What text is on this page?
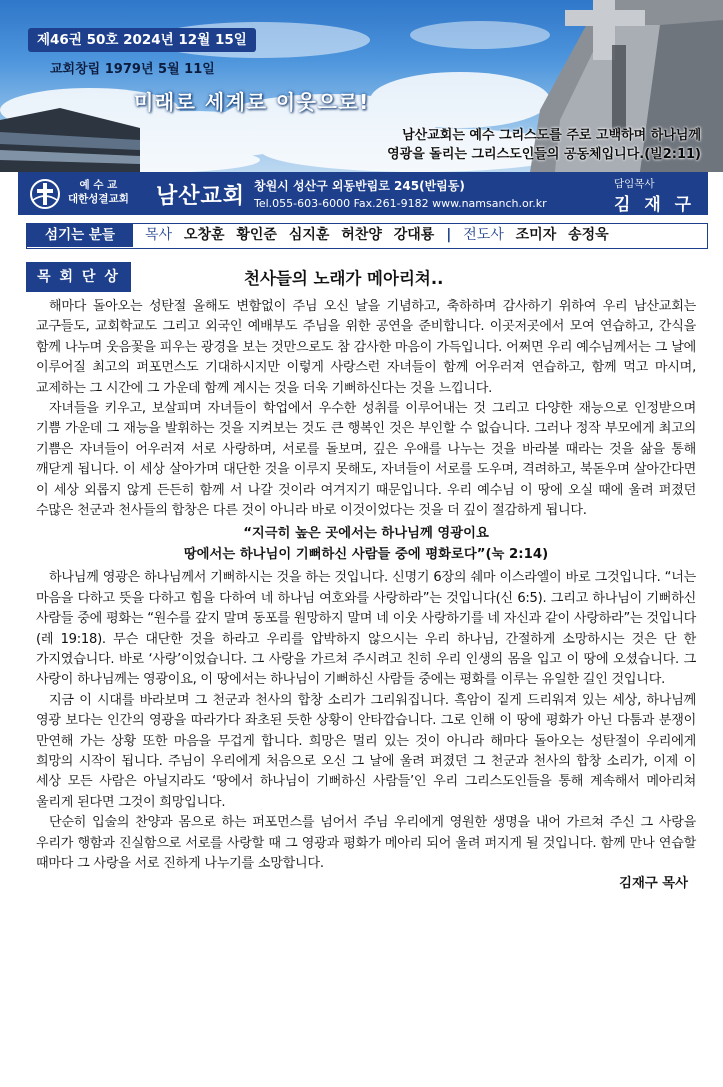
제46권 50호 2024년 12월 15일
교회창립 1979년 5월 11일
미래로 세계로 이웃으로!
남산교회는 예수 그리스도를 주로 고백하며 하나님께
영광을 돌리는 그리스도인들의 공동체입니다.(빌2:11)
예 수 교
대한성결교회 남산교회 창원시 성산구 외동반림로 245(반림동)
Tel.055-603-6000 Fax.261-9182 www.namsanch.or.kr
담임목사
김 재 구
섬기는 분들	목사 오창훈 황인준 심지훈 허찬양 강대룡 | 전도사 조미자 송정욱
목 회 단 상	천사들의 노래가 메아리쳐..

해마다 돌아오는 성탄절 올해도 변함없이 주님 오신 날을 기념하고, 축하하며 감사하기 위하여 우리 남산교회는 교구들도, 교회학교도 그리고 외국인 예배부도 주님을 위한 공연을 준비합니다. 이곳저곳에서 모여 연습하고, 간식을 함께 나누며 웃음꽃을 피우는 광경을 보는 것만으로도 참 감사한 마음이 가득입니다. 어쩌면 우리 예수님께서는 그 날에 이루어질 최고의 퍼포먼스도 기대하시지만 이렇게 사랑스런 자녀들이 함께 어우러져 연습하고, 함께 먹고 마시며, 교제하는 그 시간에 그 가운데 함께 계시는 것을 더욱 기뻐하신다는 것을 느낍니다.

자녀들을 키우고, 보살피며 자녀들이 학업에서 우수한 성취를 이루어내는 것 그리고 다양한 재능으로 인정받으며 기쁨 가운데 그 재능을 발휘하는 것을 지켜보는 것도 큰 행복인 것은 부인할 수 없습니다. 그러나 정작 부모에게 최고의 기쁨은 자녀들이 어우러져 서로 사랑하며, 서로를 돌보며, 깊은 우애를 나누는 것을 바라볼 때라는 것을 삶을 통해 깨닫게 됩니다. 이 세상 살아가며 대단한 것을 이루지 못해도, 자녀들이 서로를 도우며, 격려하고, 북돋우며 살아간다면 이 세상 외롭지 않게 든든히 함께 서 나갈 것이라 여겨지기 때문입니다. 우리 예수님 이 땅에 오실 때에 울려 퍼졌던 수많은 천군과 천사들의 합창은 다른 것이 아니라 바로 이것이었다는 것을 더 깊이 절감하게 됩니다.

“지극히 높은 곳에서는 하나님께 영광이요
땅에서는 하나님이 기뻐하신 사람들 중에 평화로다”(눅 2:14)

하나님께 영광은 하나님께서 기뻐하시는 것을 하는 것입니다. 신명기 6장의 쉐마 이스라엘이 바로 그것입니다. “너는 마음을 다하고 뜻을 다하고 힘을 다하여 네 하나님 여호와를 사랑하라”는 것입니다(신 6:5). 그리고 하나님이 기뻐하신 사람들 중에 평화는 “원수를 갚지 말며 동포를 원망하지 말며 네 이웃 사랑하기를 네 자신과 같이 사랑하라”는 것입니다(레 19:18). 무슨 대단한 것을 하라고 우리를 압박하지 않으시는 우리 하나님, 간절하게 소망하시는 것은 단 한 가지였습니다. 바로 ‘사랑’이었습니다. 그 사랑을 가르쳐 주시려고 친히 우리 인생의 몸을 입고 이 땅에 오셨습니다. 그 사랑이 하나님께는 영광이요, 이 땅에서는 하나님이 기뻐하신 사람들 중에는 평화를 이루는 유일한 길인 것입니다.

지금 이 시대를 바라보며 그 천군과 천사의 합창 소리가 그리워집니다. 흑암이 짙게 드리워져 있는 세상, 하나님께 영광 보다는 인간의 영광을 따라가다 좌초된 듯한 상황이 안타깝습니다. 그로 인해 이 땅에 평화가 아닌 다툼과 분쟁이 만연해 가는 상황 또한 마음을 무겁게 합니다. 희망은 멀리 있는 것이 아니라 해마다 돌아오는 성탄절이 우리에게 희망의 시작이 됩니다. 주님이 우리에게 처음으로 오신 그 날에 울려 퍼졌던 그 천군과 천사의 합창 소리가, 이제 이 세상 모든 사람은 아닐지라도 ‘땅에서 하나님이 기뻐하신 사람들’인 우리 그리스도인들을 통해 계속해서 메아리쳐 울리게 된다면 그것이 희망입니다.

단순히 입술의 찬양과 몸으로 하는 퍼포먼스를 넘어서 주님 우리에게 영원한 생명을 내어 가르쳐 주신 그 사랑을 우리가 행함과 진실함으로 서로를 사랑할 때 그 영광과 평화가 메아리 되어 울려 퍼지게 될 것입니다. 함께 만나 연습할 때마다 그 사랑을 서로 진하게 나누기를 소망합니다.

김재구 목사
